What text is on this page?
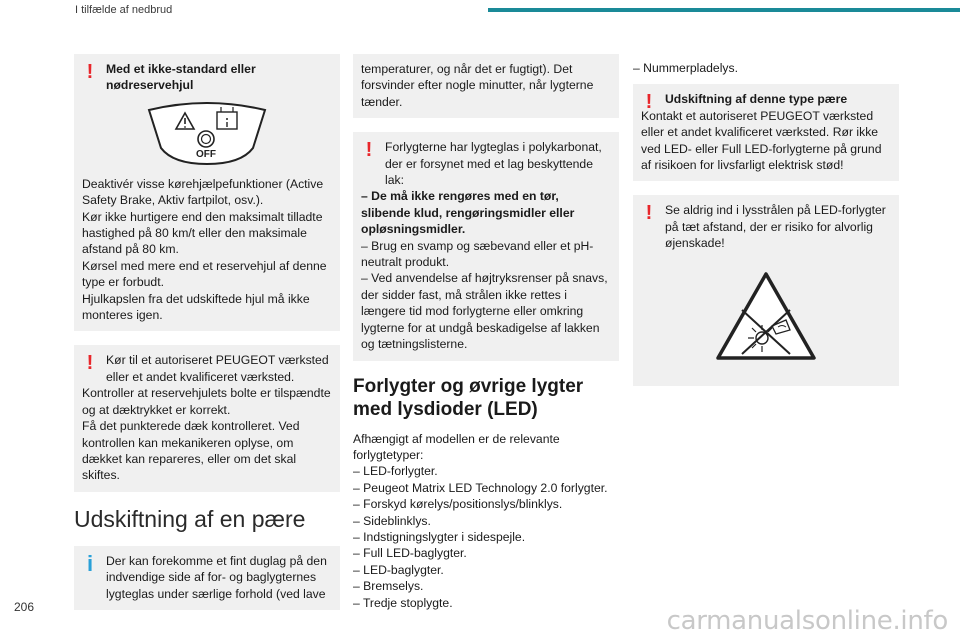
I tilfælde af nedbrud
!	Med et ikke-standard eller nødreservehjul

OFF

Deaktivér visse kørehjælpefunktioner (Active Safety Brake, Aktiv fartpilot, osv.).

Kør ikke hurtigere end den maksimalt tilladte hastighed på 80 km/t eller den maksimale afstand på 80 km.

Kørsel med mere end et reservehjul af denne type er forbudt.

Hjulkapslen fra det udskiftede hjul må ikke monteres igen.

!	Kør til et autoriseret PEUGEOT værksted eller et andet kvalificeret værksted.

Kontroller at reservehjulets bolte er tilspændte og at dæktrykket er korrekt.

Få det punkterede dæk kontrolleret. Ved kontrollen kan mekanikeren oplyse, om dækket kan repareres, eller om det skal skiftes.

Udskiftning af en pære
i	Der kan forekomme et fint duglag på den indvendige side af for- og baglygternes lygteglas under særlige forhold (ved lave

temperaturer, og når det er fugtigt). Det forsvinder efter nogle minutter, når lygterne tænder.

!	Forlygterne har lygteglas i polykarbonat, der er forsynet med et lag beskyttende lak:

– De må ikke rengøres med en tør, slibende klud, rengøringsmidler eller opløsningsmidler.

– Brug en svamp og sæbevand eller et pH-neutralt produkt.

– Ved anvendelse af højtryksrenser på snavs, der sidder fast, må strålen ikke rettes i længere tid mod forlygterne eller omkring lygterne for at undgå beskadigelse af lakken og tætningslisterne.

Forlygter og øvrige lygter med lysdioder (LED)

Afhængigt af modellen er de relevante forlygtetyper:

– LED-forlygter.

– Peugeot Matrix LED Technology 2.0 forlygter.

– Forskyd kørelys/positionslys/blinklys.

– Sideblinklys.

– Indstigningslygter i sidespejle.

– Full LED-baglygter.

– LED-baglygter.

– Bremselys.

– Tredje stoplygte.

– Nummerpladelys.

!	Udskiftning af denne type pære

Kontakt et autoriseret PEUGEOT værksted eller et andet kvalificeret værksted. Rør ikke ved LED- eller Full LED-forlygterne på grund af risikoen for livsfarligt elektrisk stød!

!	Se aldrig ind i lysstrålen på LED-forlygter på tæt afstand, der er risiko for alvorlig øjenskade!

206	carmanualsonline.info
